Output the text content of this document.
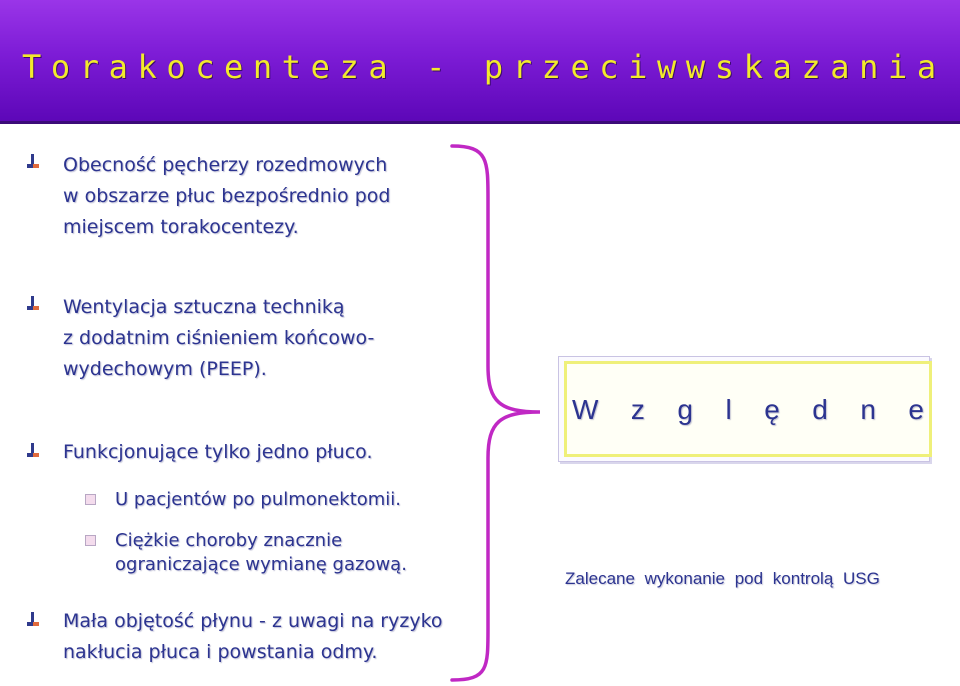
Torakocenteza - przeciwwskazania
Obecność pęcherzy rozedmowych
w obszarze płuc bezpośrednio pod
miejscem torakocentezy.
Wentylacja sztuczna techniką
z dodatnim ciśnieniem końcowo-
wydechowym (PEEP).
Funkcjonujące tylko jedno płuco.
U pacjentów po pulmonektomii.
Ciężkie choroby znacznie
ograniczające wymianę gazową.
Mała objętość płynu - z uwagi na ryzyko
nakłucia płuca i powstania odmy.
W z g l ę d n e
Zalecane wykonanie pod kontrolą USG
